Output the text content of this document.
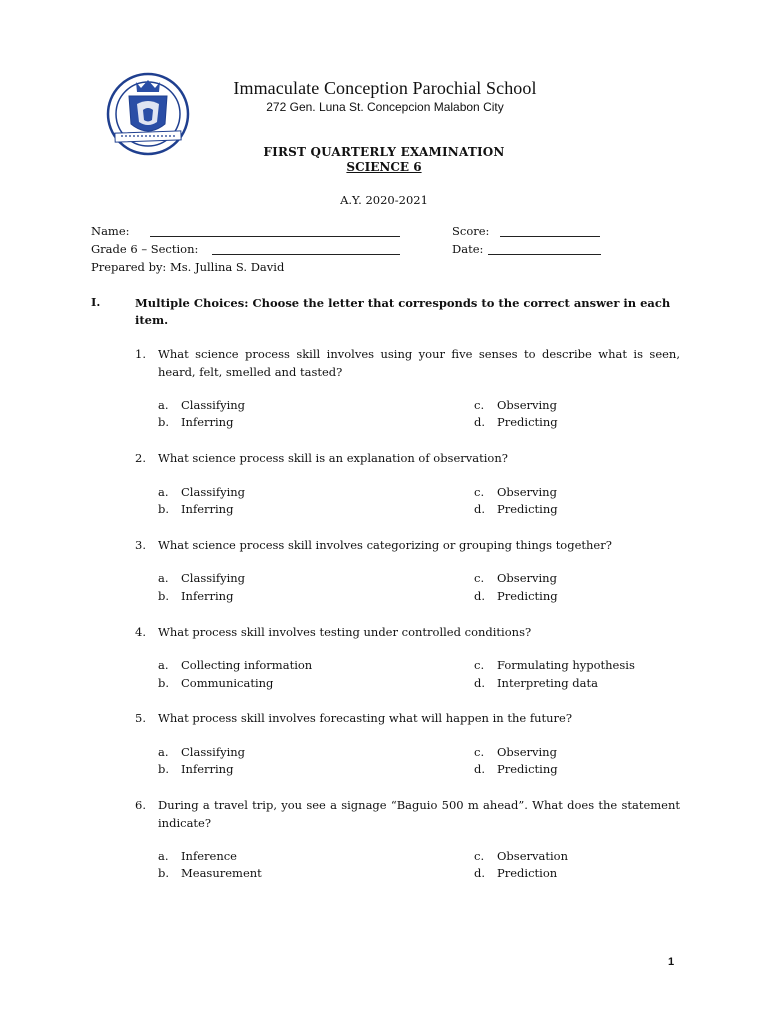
Immaculate Conception Parochial School
272 Gen. Luna St. Concepcion Malabon City
FIRST QUARTERLY EXAMINATION
SCIENCE 6
A.Y. 2020-2021
Name:	Score:
Grade 6 – Section:	Date:
Prepared by: Ms. Jullina S. David
I.	Multiple Choices: Choose the letter that corresponds to the correct answer in each item.
1. What science process skill involves using your five senses to describe what is seen, heard, felt, smelled and tasted?
a. Classifying
b. Inferring
c. Observing
d. Predicting
2. What science process skill is an explanation of observation?
a. Classifying
b. Inferring
c. Observing
d. Predicting
3. What science process skill involves categorizing or grouping things together?
a. Classifying
b. Inferring
c. Observing
d. Predicting
4. What process skill involves testing under controlled conditions?
a. Collecting information
b. Communicating
c. Formulating hypothesis
d. Interpreting data
5. What process skill involves forecasting what will happen in the future?
a. Classifying
b. Inferring
c. Observing
d. Predicting
6. During a travel trip, you see a signage “Baguio 500 m ahead”. What does the statement indicate?
a. Inference
b. Measurement
c. Observation
d. Prediction
1
